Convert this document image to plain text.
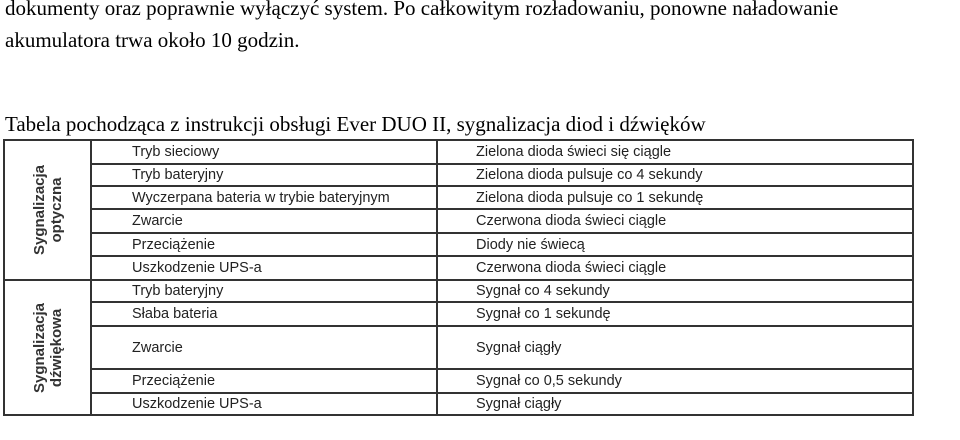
dokumenty oraz poprawnie wyłączyć system. Po całkowitym rozładowaniu, ponowne naładowanie
akumulatora trwa około 10 godzin.
Tabela pochodząca z instrukcji obsługi Ever DUO II, sygnalizacja diod i dźwięków
Sygnalizacja optyczna	Tryb sieciowy	Zielona dioda świeci się ciągle
	Tryb bateryjny	Zielona dioda pulsuje co 4 sekundy
	Wyczerpana bateria w trybie bateryjnym	Zielona dioda pulsuje co 1 sekundę
	Zwarcie	Czerwona dioda świeci ciągle
	Przeciążenie	Diody nie świecą
	Uszkodzenie UPS-a	Czerwona dioda świeci ciągle

Sygnalizacja dźwiękowa	Tryb bateryjny	Sygnał co 4 sekundy
	Słaba bateria	Sygnał co 1 sekundę
	Zwarcie	Sygnał ciągły
	Przeciążenie	Sygnał co 0,5 sekundy
	Uszkodzenie UPS-a	Sygnał ciągły
